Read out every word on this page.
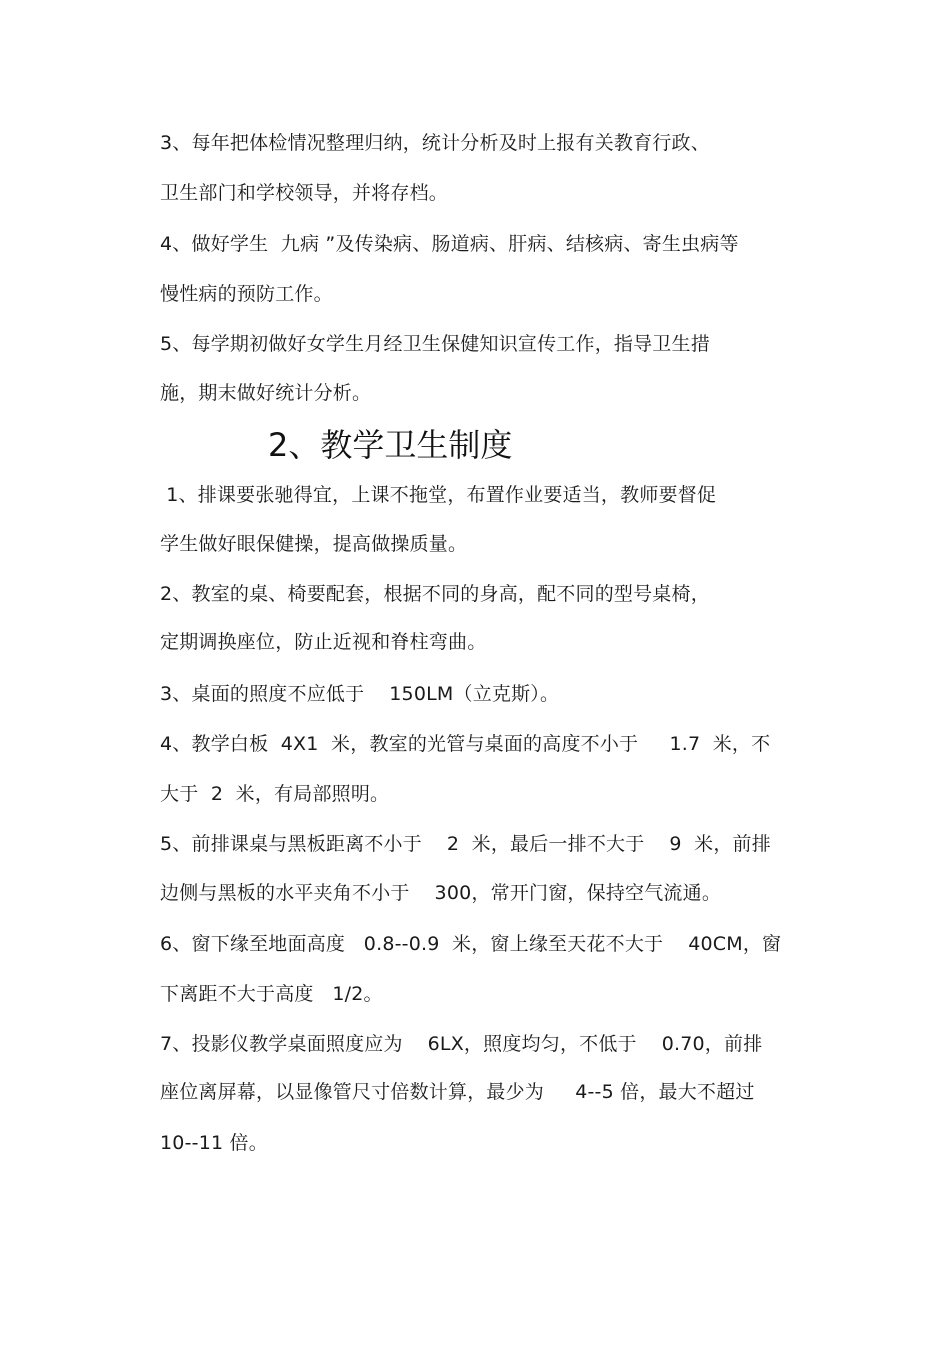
3、每年把体检情况整理归纳，统计分析及时上报有关教育行政、
卫生部门和学校领导，并将存档。
4、做好学生  九病 ”及传染病、肠道病、肝病、结核病、寄生虫病等
慢性病的预防工作。
5、每学期初做好女学生月经卫生保健知识宣传工作，指导卫生措
施，期末做好统计分析。
2、教学卫生制度
1、排课要张驰得宜，上课不拖堂，布置作业要适当，教师要督促
学生做好眼保健操，提高做操质量。
2、教室的桌、椅要配套，根据不同的身高，配不同的型号桌椅，
定期调换座位，防止近视和脊柱弯曲。
3、桌面的照度不应低于    150LM（立克斯）。
4、教学白板  4X1  米，教室的光管与桌面的高度不小于     1.7  米，不
大于  2  米，有局部照明。
5、前排课桌与黑板距离不小于    2  米，最后一排不大于    9  米，前排
边侧与黑板的水平夹角不小于    300，常开门窗，保持空气流通。
6、窗下缘至地面高度   0.8--0.9  米，窗上缘至天花不大于    40CM，窗
下离距不大于高度   1/2。
7、投影仪教学桌面照度应为    6LX，照度均匀，不低于    0.70，前排
座位离屏幕，以显像管尺寸倍数计算，最少为     4--5 倍，最大不超过
10--11 倍。
